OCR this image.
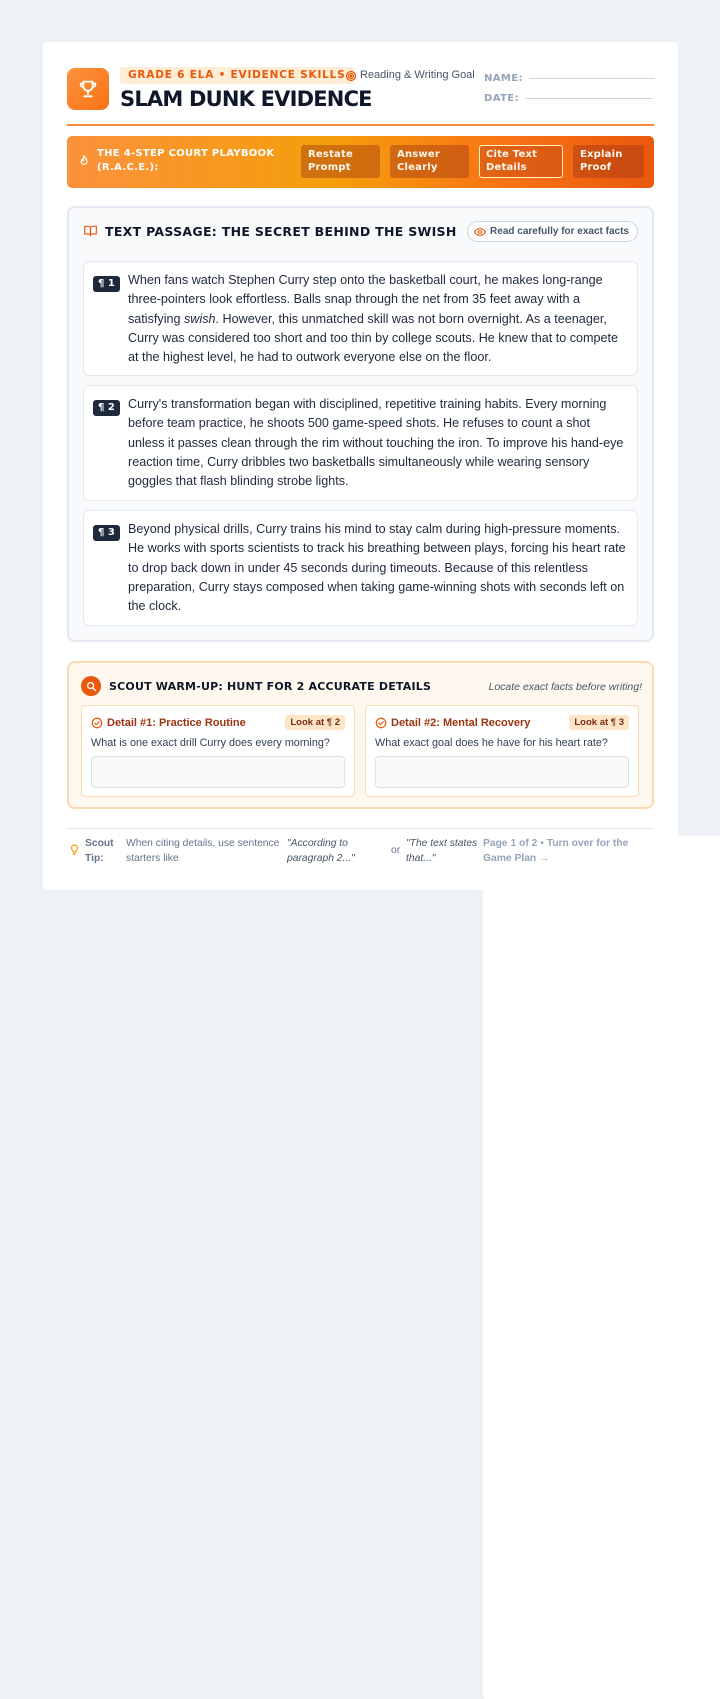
GRADE 6 ELA • EVIDENCE SKILLS	Reading & Writing Goal
SLAM DUNK EVIDENCE
NAME:
DATE:
THE 4-STEP COURT PLAYBOOK (R.A.C.E.):
Restate
Prompt
Answer
Clearly
Cite Text
Details
Explain
Proof
TEXT PASSAGE: THE SECRET BEHIND THE SWISH	Read carefully for exact facts
¶ 1	When fans watch Stephen Curry step onto the basketball court, he makes long-range three-pointers look effortless. Balls snap through the net from 35 feet away with a satisfying swish. However, this unmatched skill was not born overnight. As a teenager, Curry was considered too short and too thin by college scouts. He knew that to compete at the highest level, he had to outwork everyone else on the floor.
¶ 2	Curry's transformation began with disciplined, repetitive training habits. Every morning before team practice, he shoots 500 game-speed shots. He refuses to count a shot unless it passes clean through the rim without touching the iron. To improve his hand-eye reaction time, Curry dribbles two basketballs simultaneously while wearing sensory goggles that flash blinding strobe lights.
¶ 3	Beyond physical drills, Curry trains his mind to stay calm during high-pressure moments. He works with sports scientists to track his breathing between plays, forcing his heart rate to drop back down in under 45 seconds during timeouts. Because of this relentless preparation, Curry stays composed when taking game-winning shots with seconds left on the clock.
SCOUT WARM-UP: HUNT FOR 2 ACCURATE DETAILS	Locate exact facts before writing!
Detail #1: Practice Routine	Look at ¶ 2
What is one exact drill Curry does every morning?
Detail #2: Mental Recovery	Look at ¶ 3
What exact goal does he have for his heart rate?
Scout
Tip:
When citing details, use sentence
starters like
"According to
paragraph 2..."
or
"The text states
that..."
Page 1 of 2 • Turn over for the
Game Plan →
